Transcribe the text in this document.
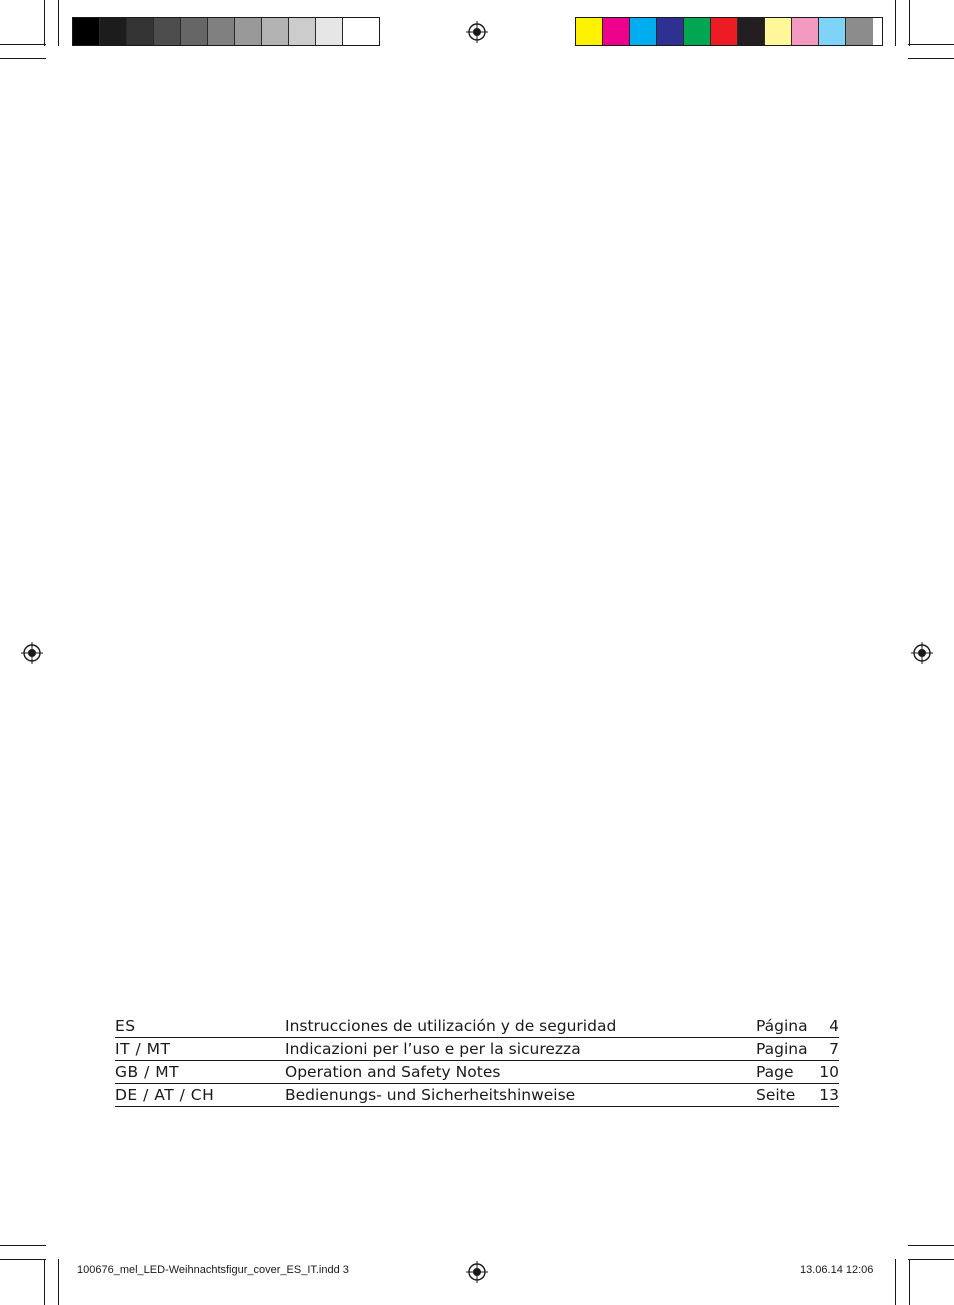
ES	Instrucciones de utilización y de seguridad	Página 4
IT / MT	Indicazioni per l’uso e per la sicurezza	Pagina 7
GB / MT	Operation and Safety Notes	Page 10
DE / AT / CH	Bedienungs- und Sicherheitshinweise	Seite 13
100676_mel_LED-Weihnachtsfigur_cover_ES_IT.indd 3	13.06.14 12:06
